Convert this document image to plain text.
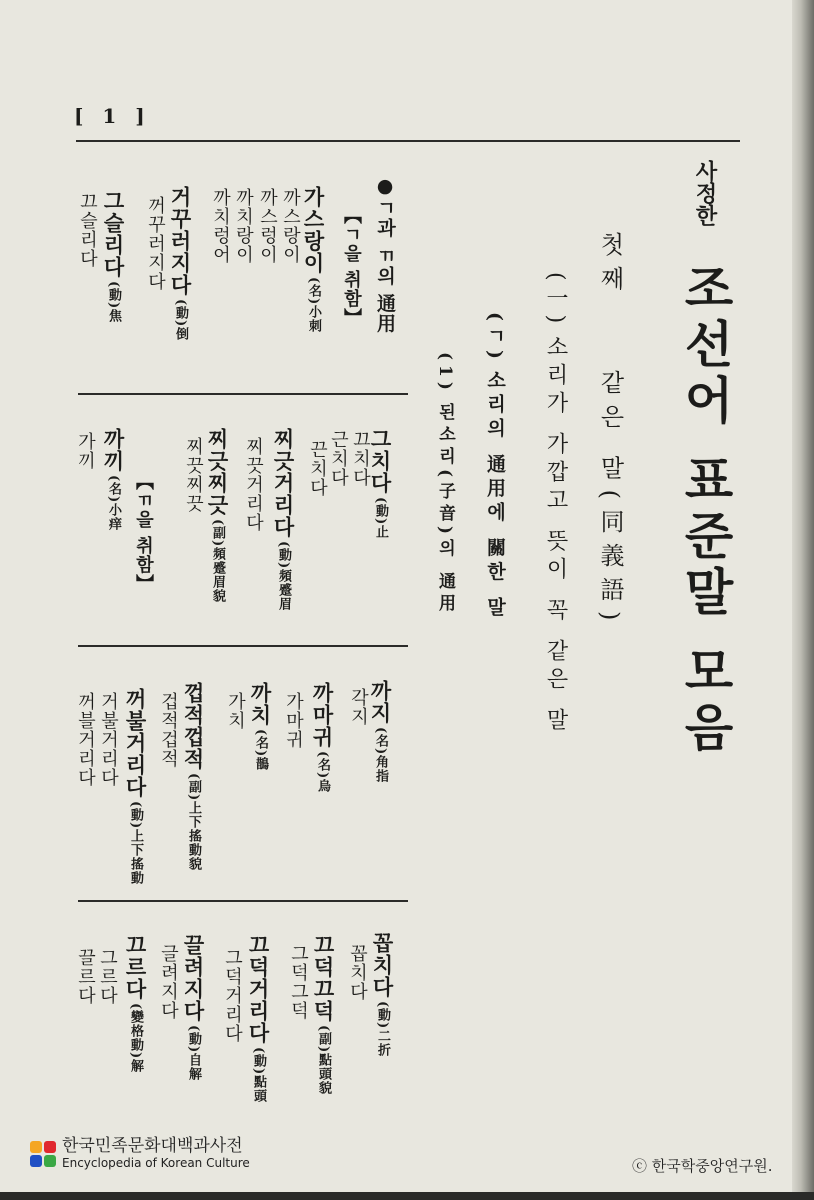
[ 1 ]
사정한
조선어 표준말 모음
첫째같은 말(同義語)
(一)소리가 가깝고 뜻이 꼭 같은 말
(ㄱ)소리의 通用에 關한 말
(1)된소리(子音)의 通用
●ㄱ과 ㄲ의 通用
【ㄱ을 취함】
가스랑이(名)小刺
까스랑이
까스렁이
까치랑이
까치렁어
거꾸러지다(動)倒
꺼꾸러지다
그슬리다(動)焦
끄슬리다
그치다(動)止
끄치다
근치다
끈치다
찌긋거리다(動)頻蹙眉
찌끗거리다
찌긋찌긋(副)頻蹙眉貌
찌끗찌끗
【ㄲ을 취함】
까끼(名)小痒
가끼
까지(名)角指
각지
까마귀(名)烏
가마귀
까치(名)鵲
가치
껍적껍적(副)上下搖動貌
겁적겁적
꺼불거리다(動)上下搖動
거불거리다
꺼블거리다
꼽치다(動)二折
꼽치다
끄덕끄덕(副)點頭貌
그덕그덕
끄덕거리다(動)點頭
그덕거리다
끌려지다(動)自解
글려지다
끄르다(變格動)解
그르다
끌르다
한국민족문화대백과사전
Encyclopedia of Korean Culture	ⓒ 한국학중앙연구원.
